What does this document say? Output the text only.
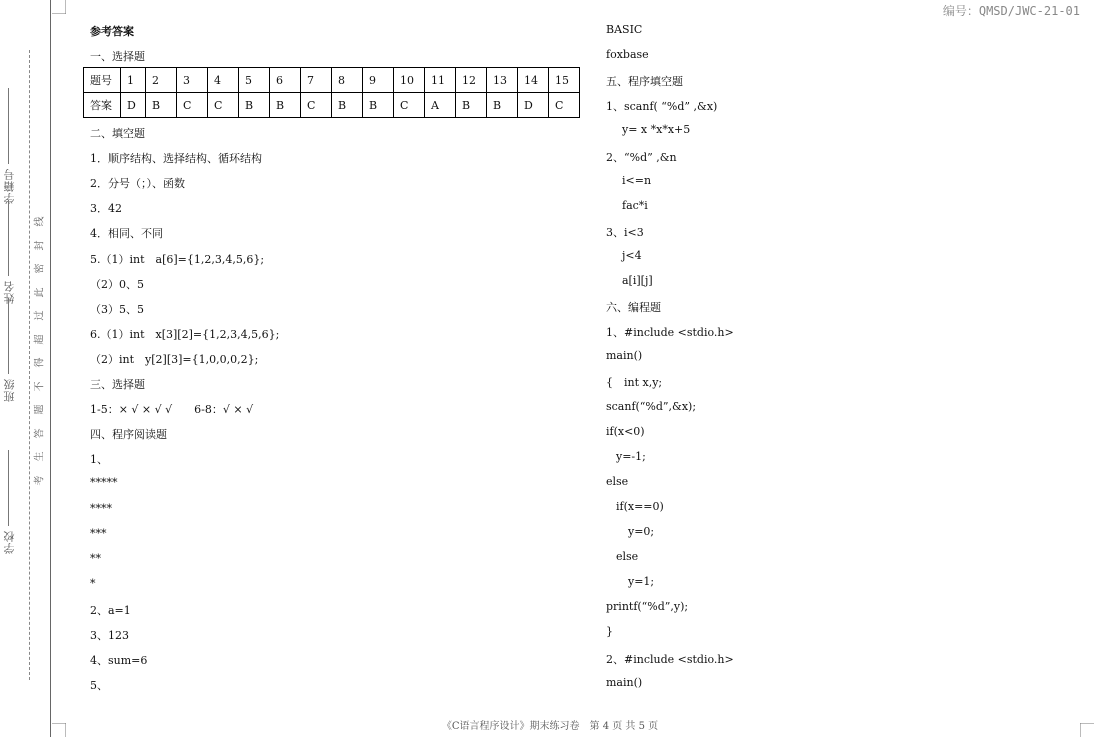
学籍号
姓名
班级
学校
线
封
密
此
过
超
得
不
题
答
生
考
编号：QMSD/JWC-21-01
参考答案
一、选择题
题号	1	2	3	4	5	6	7	8	9	10	11	12	13	14	15
答案	D	B	C	C	B	B	C	B	B	C	A	B	B	D	C
二、填空题
1．顺序结构、选择结构、循环结构
2．分号（；）、函数
3．42
4．相同、不同
5.（1）int　a[6]={1,2,3,4,5,6};
（2）0、5
（3）5、5
6.（1）int　x[3][2]={1,2,3,4,5,6};
（2）int　y[2][3]={1,0,0,0,2};
三、选择题
1-5：× √ × √ √　　6-8：√ × √
四、程序阅读题
1、
*****
****
***
**
*
2、a=1
3、123
4、sum=6
5、
BASIC
foxbase
五、程序填空题
1、scanf( “%d” ,&x)
y= x *x*x+5
2、“%d” ,&n
i<=n
fac*i
3、i<3
j<4
a[i][j]
六、编程题
1、#include <stdio.h>
main()
{　int x,y;
scanf(“%d”,&x);
if(x<0)
y=-1;
else
if(x==0)
y=0;
else
y=1;
printf(“%d”,y);
}
2、#include <stdio.h>
main()
《C语言程序设计》期末练习卷　第 4 页 共 5 页
